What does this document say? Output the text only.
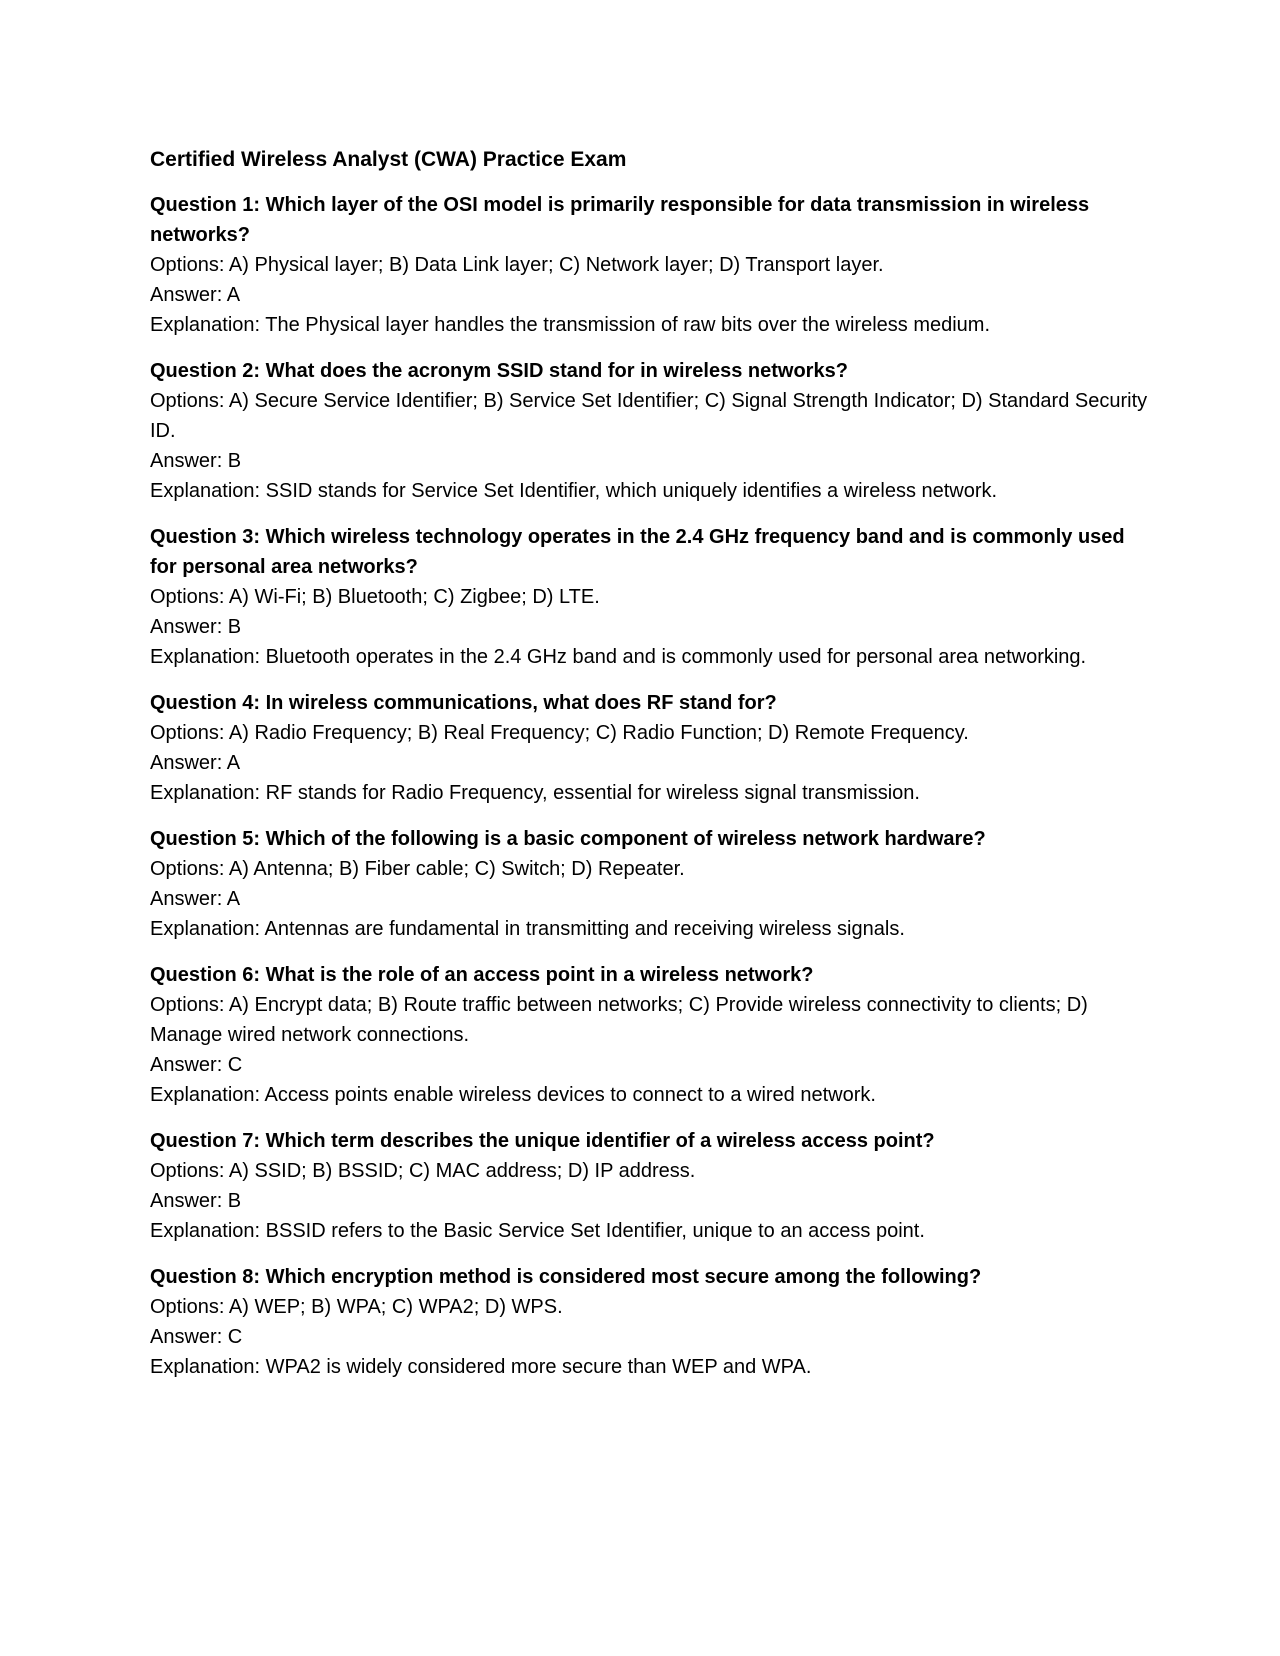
Certified Wireless Analyst (CWA) Practice Exam

Question 1: Which layer of the OSI model is primarily responsible for data transmission in wireless networks?

Options: A) Physical layer; B) Data Link layer; C) Network layer; D) Transport layer.

Answer: A

Explanation: The Physical layer handles the transmission of raw bits over the wireless medium.

Question 2: What does the acronym SSID stand for in wireless networks?

Options: A) Secure Service Identifier; B) Service Set Identifier; C) Signal Strength Indicator; D) Standard Security ID.

Answer: B

Explanation: SSID stands for Service Set Identifier, which uniquely identifies a wireless network.

Question 3: Which wireless technology operates in the 2.4 GHz frequency band and is commonly used for personal area networks?

Options: A) Wi-Fi; B) Bluetooth; C) Zigbee; D) LTE.

Answer: B

Explanation: Bluetooth operates in the 2.4 GHz band and is commonly used for personal area networking.

Question 4: In wireless communications, what does RF stand for?

Options: A) Radio Frequency; B) Real Frequency; C) Radio Function; D) Remote Frequency.

Answer: A

Explanation: RF stands for Radio Frequency, essential for wireless signal transmission.

Question 5: Which of the following is a basic component of wireless network hardware?

Options: A) Antenna; B) Fiber cable; C) Switch; D) Repeater.

Answer: A

Explanation: Antennas are fundamental in transmitting and receiving wireless signals.

Question 6: What is the role of an access point in a wireless network?

Options: A) Encrypt data; B) Route traffic between networks; C) Provide wireless connectivity to clients; D) Manage wired network connections.

Answer: C

Explanation: Access points enable wireless devices to connect to a wired network.

Question 7: Which term describes the unique identifier of a wireless access point?

Options: A) SSID; B) BSSID; C) MAC address; D) IP address.

Answer: B

Explanation: BSSID refers to the Basic Service Set Identifier, unique to an access point.

Question 8: Which encryption method is considered most secure among the following?

Options: A) WEP; B) WPA; C) WPA2; D) WPS.

Answer: C

Explanation: WPA2 is widely considered more secure than WEP and WPA.
